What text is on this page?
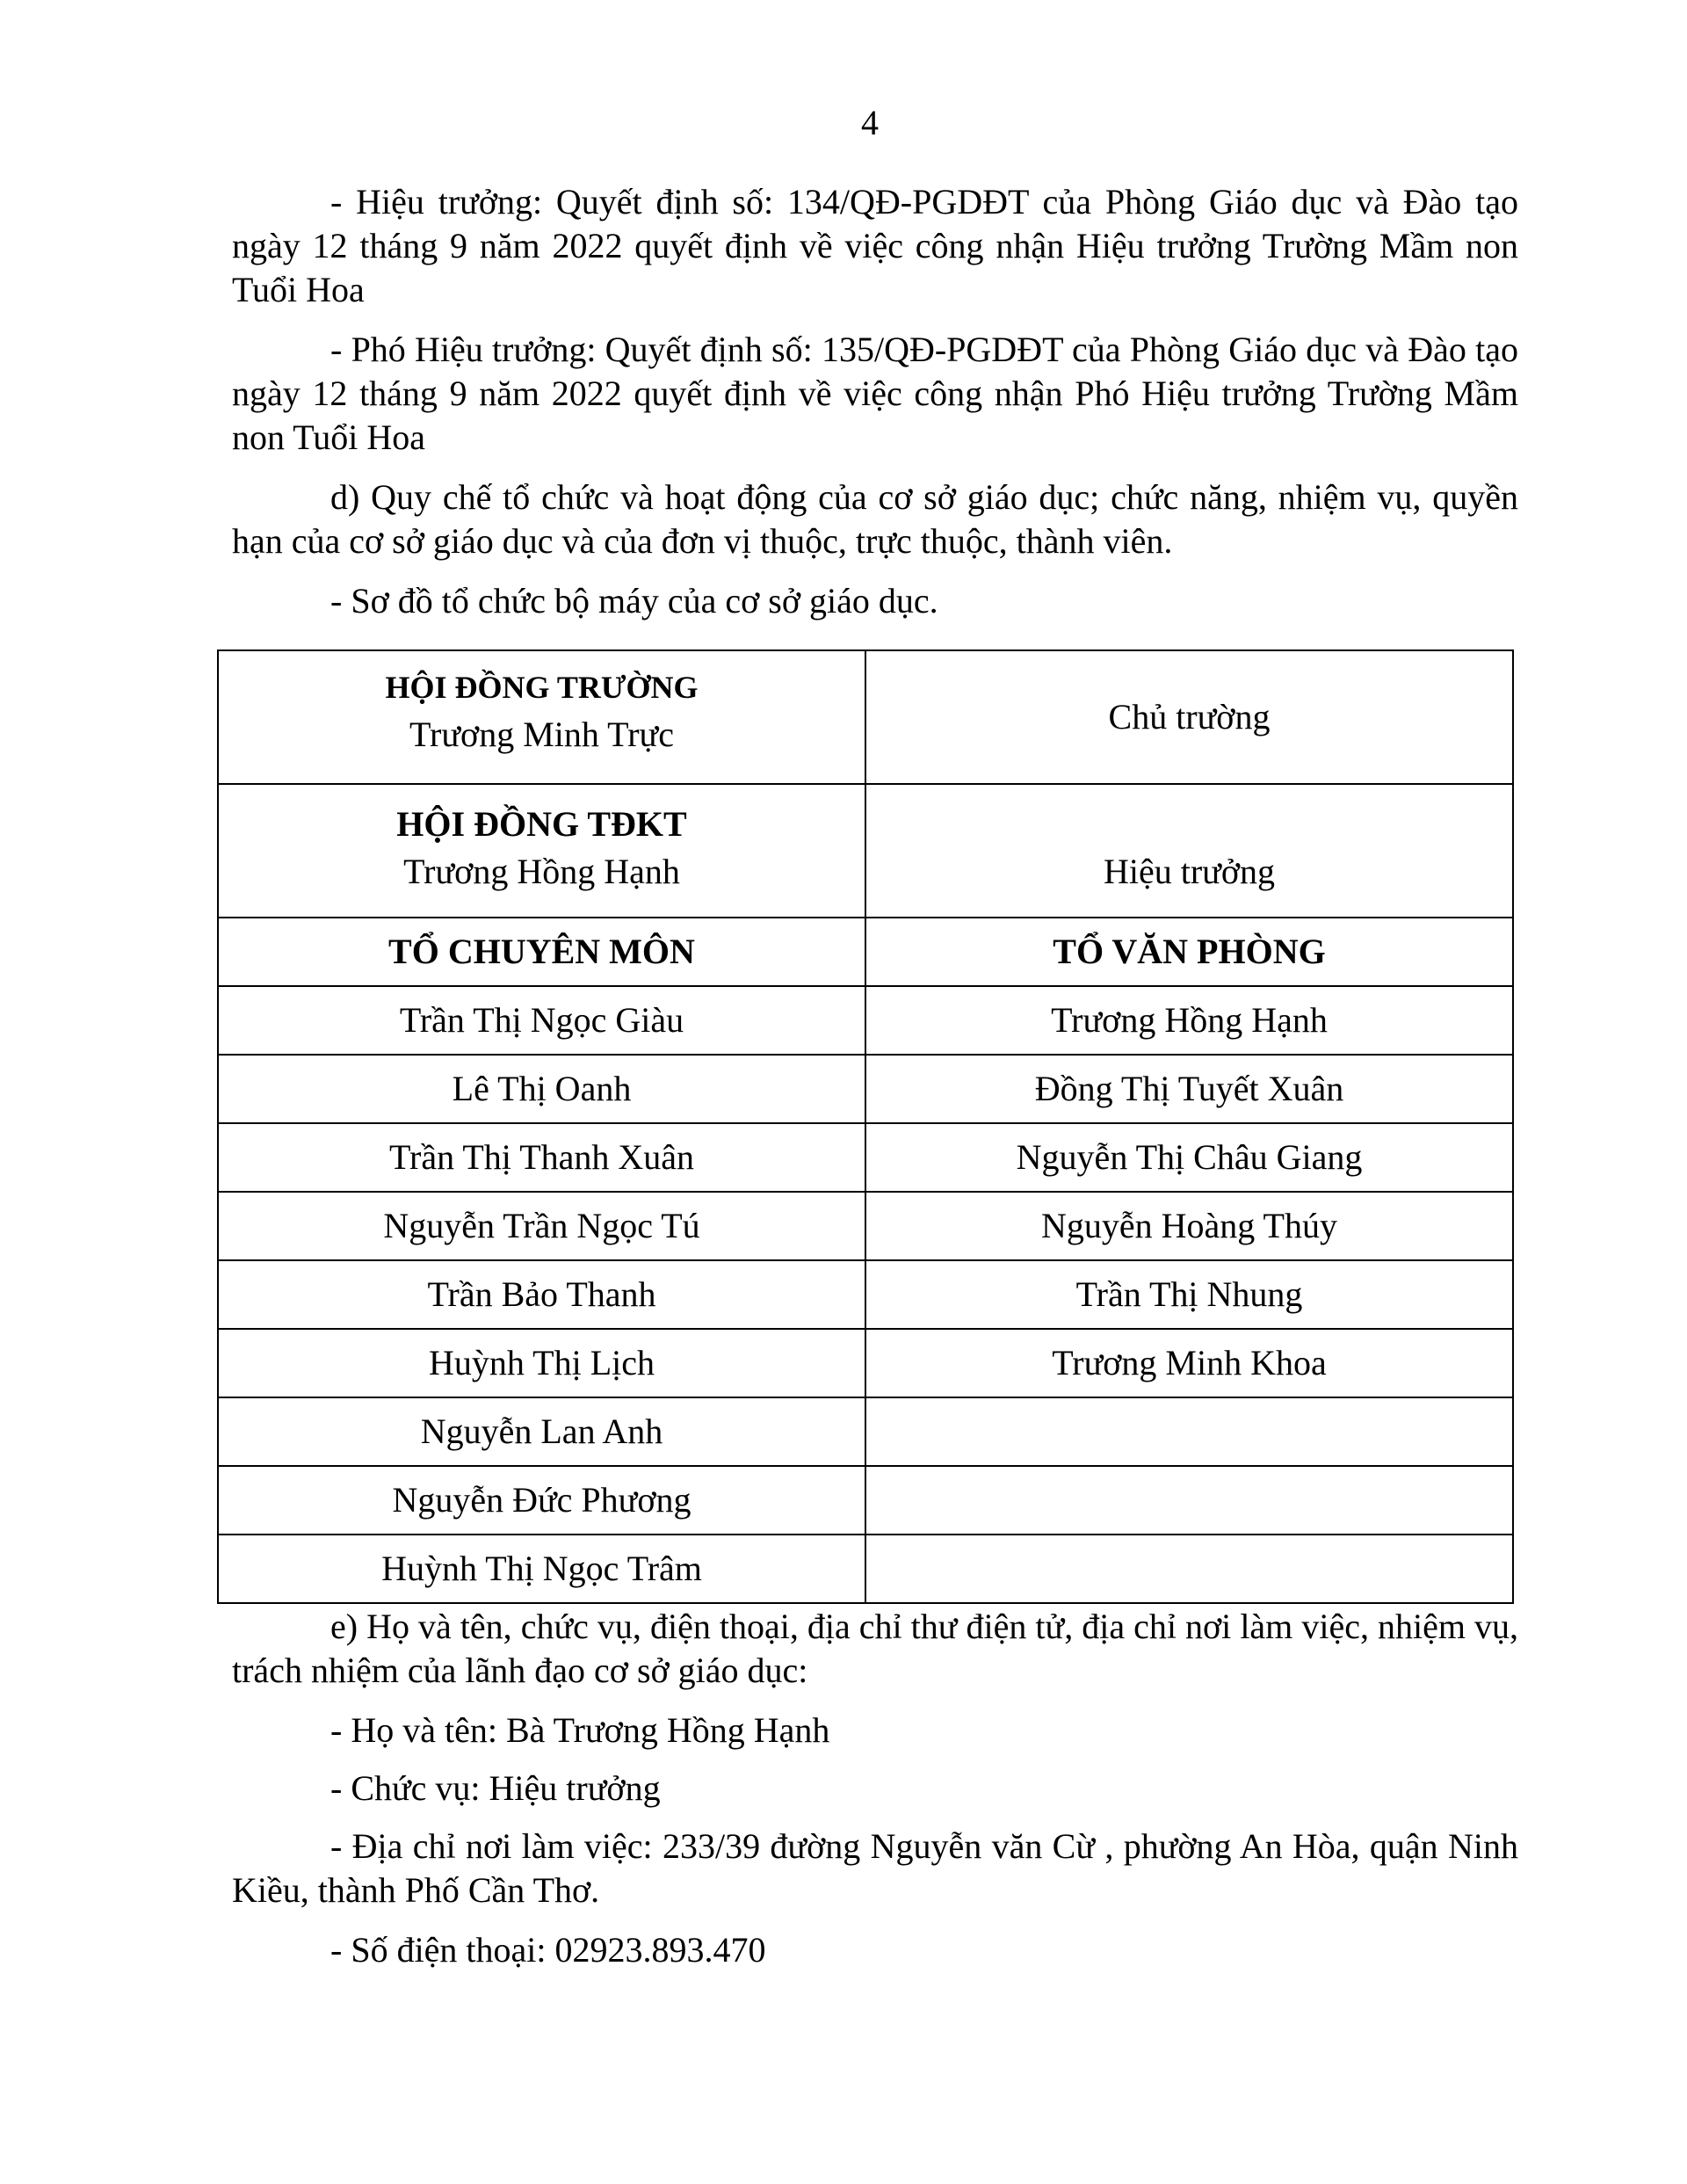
4

- Hiệu trưởng: Quyết định số: 134/QĐ-PGDĐT của Phòng Giáo dục và Đào tạo ngày 12 tháng 9 năm 2022 quyết định về việc công nhận Hiệu trưởng Trường Mầm non Tuổi Hoa

- Phó Hiệu trưởng: Quyết định số: 135/QĐ-PGDĐT của Phòng Giáo dục và Đào tạo ngày 12 tháng 9 năm 2022 quyết định về việc công nhận Phó Hiệu trưởng Trường Mầm non Tuổi Hoa

d) Quy chế tổ chức và hoạt động của cơ sở giáo dục; chức năng, nhiệm vụ, quyền hạn của cơ sở giáo dục và của đơn vị thuộc, trực thuộc, thành viên.

- Sơ đồ tổ chức bộ máy của cơ sở giáo dục.

HỘI ĐỒNG TRƯỜNG
Trương Minh Trực	Chủ trường

HỘI ĐỒNG TĐKT
Trương Hồng Hạnh	Hiệu trưởng

TỔ CHUYÊN MÔN	TỔ VĂN PHÒNG
Trần Thị Ngọc Giàu	Trương Hồng Hạnh
Lê Thị Oanh	Đồng Thị Tuyết Xuân
Trần Thị Thanh Xuân	Nguyễn Thị Châu Giang
Nguyễn Trần Ngọc Tú	Nguyễn Hoàng Thúy
Trần Bảo Thanh	Trần Thị Nhung
Huỳnh Thị Lịch	Trương Minh Khoa
Nguyễn Lan Anh	
Nguyễn Đức Phương	
Huỳnh Thị Ngọc Trâm	

e) Họ và tên, chức vụ, điện thoại, địa chỉ thư điện tử, địa chỉ nơi làm việc, nhiệm vụ, trách nhiệm của lãnh đạo cơ sở giáo dục:

- Họ và tên: Bà Trương Hồng Hạnh

- Chức vụ: Hiệu trưởng

- Địa chỉ nơi làm việc: 233/39 đường Nguyễn văn Cừ , phường An Hòa, quận Ninh Kiều, thành Phố Cần Thơ.

- Số điện thoại: 02923.893.470
